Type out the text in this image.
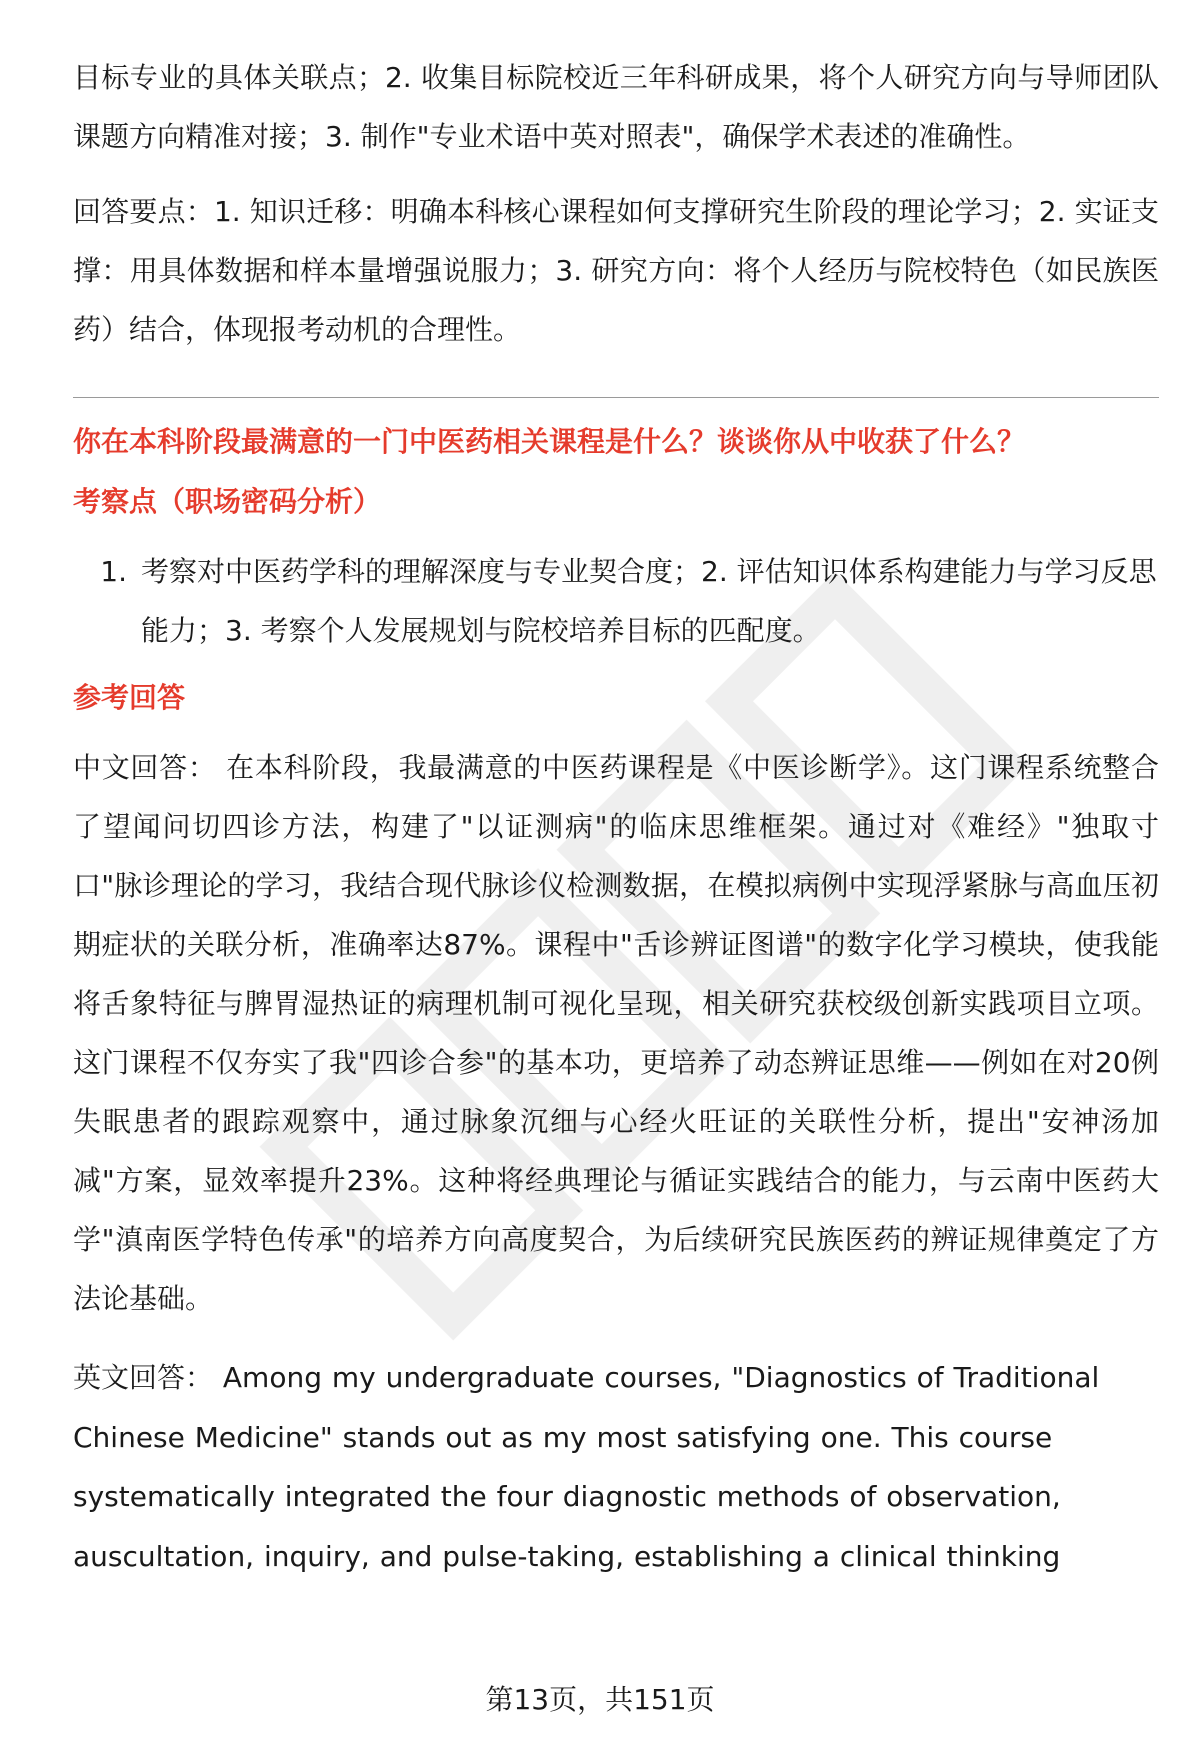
目标专业的具体关联点；2. 收集目标院校近三年科研成果，将个人研究方向与导师团队课题方向精准对接；3. 制作"专业术语中英对照表"，确保学术表述的准确性。

回答要点：1. 知识迁移：明确本科核心课程如何支撑研究生阶段的理论学习；2. 实证支撑：用具体数据和样本量增强说服力；3. 研究方向：将个人经历与院校特色（如民族医药）结合，体现报考动机的合理性。

你在本科阶段最满意的一门中医药相关课程是什么？谈谈你从中收获了什么？

考察点（职场密码分析）

1. 考察对中医药学科的理解深度与专业契合度；2. 评估知识体系构建能力与学习反思能力；3. 考察个人发展规划与院校培养目标的匹配度。

参考回答

中文回答： 在本科阶段，我最满意的中医药课程是《中医诊断学》。这门课程系统整合了望闻问切四诊方法，构建了"以证测病"的临床思维框架。通过对《难经》"独取寸口"脉诊理论的学习，我结合现代脉诊仪检测数据，在模拟病例中实现浮紧脉与高血压初期症状的关联分析，准确率达87%。课程中"舌诊辨证图谱"的数字化学习模块，使我能将舌象特征与脾胃湿热证的病理机制可视化呈现，相关研究获校级创新实践项目立项。这门课程不仅夯实了我"四诊合参"的基本功，更培养了动态辨证思维——例如在对20例失眠患者的跟踪观察中，通过脉象沉细与心经火旺证的关联性分析，提出"安神汤加减"方案，显效率提升23%。这种将经典理论与循证实践结合的能力，与云南中医药大学"滇南医学特色传承"的培养方向高度契合，为后续研究民族医药的辨证规律奠定了方法论基础。

英文回答： Among my undergraduate courses, "Diagnostics of Traditional Chinese Medicine" stands out as my most satisfying one. This course systematically integrated the four diagnostic methods of observation, auscultation, inquiry, and pulse-taking, establishing a clinical thinking

第13页，共151页
